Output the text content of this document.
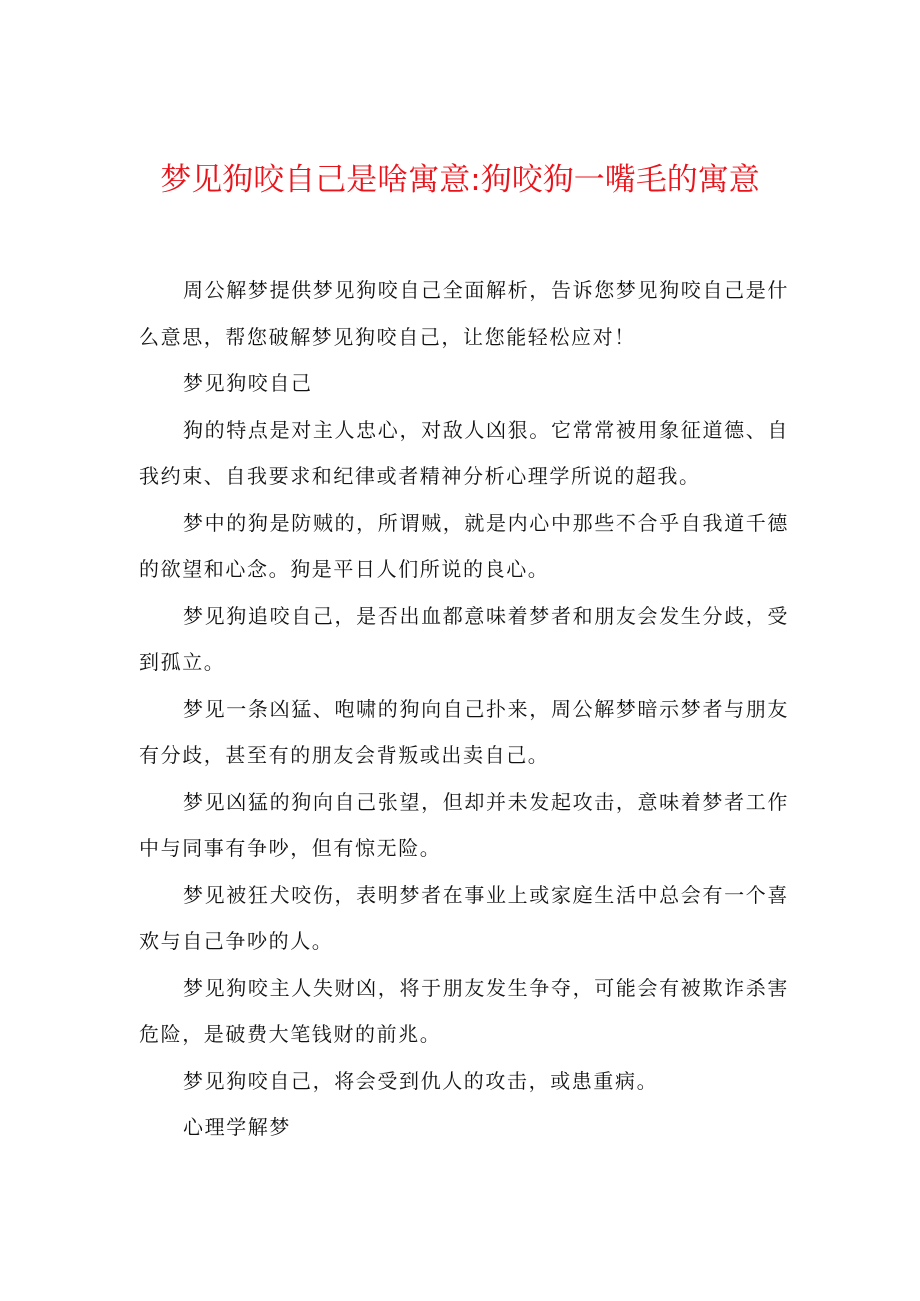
梦见狗咬自己是啥寓意:狗咬狗一嘴毛的寓意

周公解梦提供梦见狗咬自己全面解析，告诉您梦见狗咬自己是什么意思，帮您破解梦见狗咬自己，让您能轻松应对！

梦见狗咬自己

狗的特点是对主人忠心，对敌人凶狠。它常常被用象征道德、自我约束、自我要求和纪律或者精神分析心理学所说的超我。

梦中的狗是防贼的，所谓贼，就是内心中那些不合乎自我道千德的欲望和心念。狗是平日人们所说的良心。

梦见狗追咬自己，是否出血都意味着梦者和朋友会发生分歧，受到孤立。

梦见一条凶猛、咆啸的狗向自己扑来，周公解梦暗示梦者与朋友有分歧，甚至有的朋友会背叛或出卖自己。

梦见凶猛的狗向自己张望，但却并未发起攻击，意味着梦者工作中与同事有争吵，但有惊无险。

梦见被狂犬咬伤，表明梦者在事业上或家庭生活中总会有一个喜欢与自己争吵的人。

梦见狗咬主人失财凶，将于朋友发生争夺，可能会有被欺诈杀害危险，是破费大笔钱财的前兆。

梦见狗咬自己，将会受到仇人的攻击，或患重病。

心理学解梦
